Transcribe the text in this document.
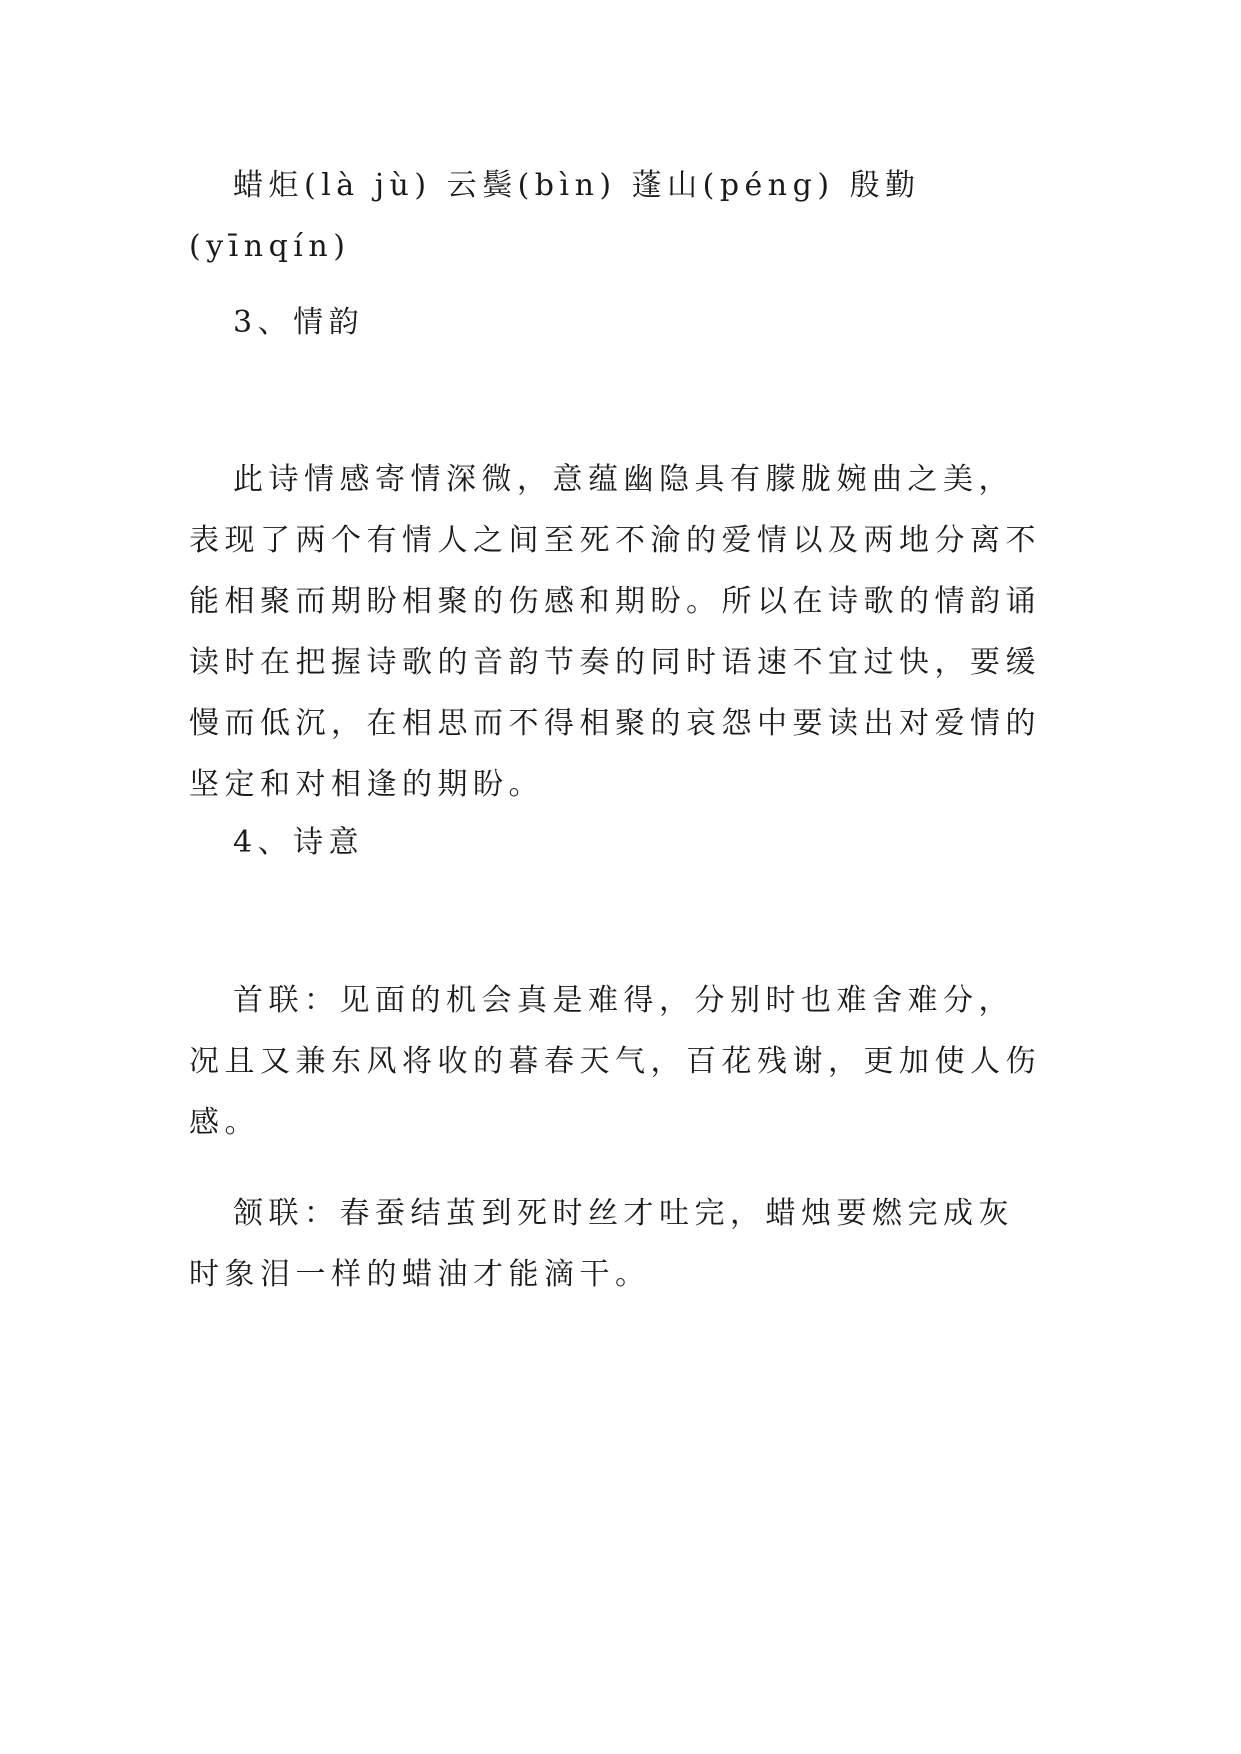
蜡炬(là jù) 云鬓(bìn) 蓬山(péng) 殷勤(yīnqín)

3、情韵

此诗情感寄情深微，意蕴幽隐具有朦胧婉曲之美，表现了两个有情人之间至死不渝的爱情以及两地分离不能相聚而期盼相聚的伤感和期盼。所以在诗歌的情韵诵读时在把握诗歌的音韵节奏的同时语速不宜过快，要缓慢而低沉，在相思而不得相聚的哀怨中要读出对爱情的坚定和对相逢的期盼。

4、诗意

首联：见面的机会真是难得，分别时也难舍难分，况且又兼东风将收的暮春天气，百花残谢，更加使人伤感。

颔联：春蚕结茧到死时丝才吐完，蜡烛要燃完成灰时象泪一样的蜡油才能滴干。
